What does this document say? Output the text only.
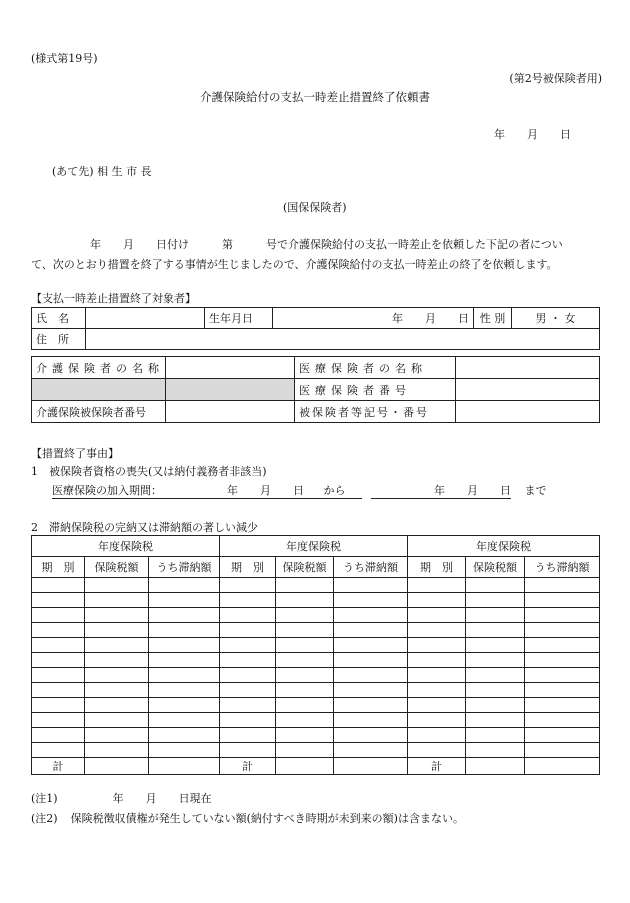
(様式第19号)
(第2号被保険者用)
介護保険給付の支払一時差止措置終了依頼書
年　　月　　日
(あて先) 相 生 市 長
(国保保険者)
年　　月　　日付け　　　第　　　号で介護保険給付の支払一時差止を依頼した下記の者につい
て、次のとおり措置を終了する事情が生じましたので、介護保険給付の支払一時差止の終了を依頼します。
【支払一時差止措置終了対象者】
氏　名		生年月日	年　　月　　日	性 別	男 ・ 女
住　所					
介護保険者の名称		医療保険者の名称	
		医療保険者番号	
介護保険被保険者番号		被保険者等記号・番号	
【措置終了事由】
1　被保険者資格の喪失(又は納付義務者非該当)
医療保険の加入期間：	年　　月　　日 から	年　　月　　日 まで
2　滞納保険税の完納又は滞納額の著しい減少
年度保険税			年度保険税			年度保険税		
期　別	保険税額	うち滞納額	期　別	保険税額	うち滞納額	期　別	保険税額	うち滞納額

計			計			計		
(注1)	年　　月　　日現在
(注2) 保険税徴収債権が発生していない額(納付すべき時期が未到来の額)は含まない。
